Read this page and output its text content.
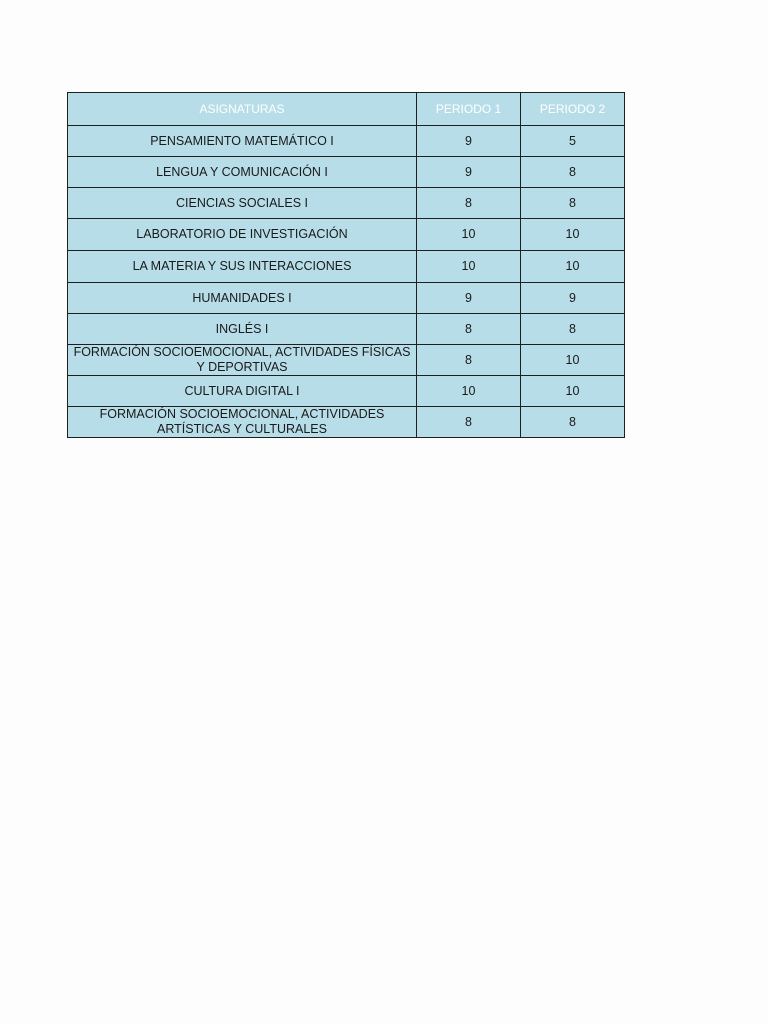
ASIGNATURAS	PERIODO 1	PERIODO 2
PENSAMIENTO MATEMÁTICO I	9	5
LENGUA Y COMUNICACIÓN I	9	8
CIENCIAS SOCIALES I	8	8
LABORATORIO DE INVESTIGACIÓN	10	10
LA MATERIA Y SUS INTERACCIONES	10	10
HUMANIDADES I	9	9
INGLÉS I	8	8
FORMACIÓN SOCIOEMOCIONAL, ACTIVIDADES FÍSICAS Y DEPORTIVAS	8	10
CULTURA DIGITAL I	10	10
FORMACIÓN SOCIOEMOCIONAL, ACTIVIDADES ARTÍSTICAS Y CULTURALES	8	8
